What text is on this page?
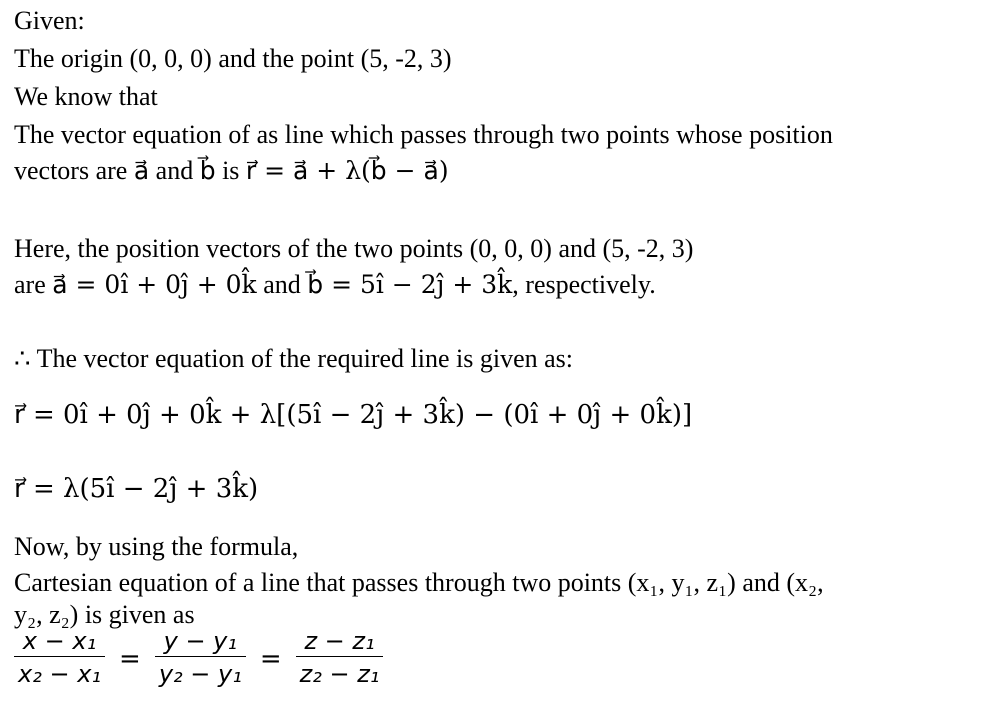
Given:
The origin (0, 0, 0) and the point (5, -2, 3)
We know that
The vector equation of as line which passes through two points whose position
vectors are a⃗ and b⃗ is r⃗ = a⃗ + λ(b⃗ − a⃗)
Here, the position vectors of the two points (0, 0, 0) and (5, -2, 3)
are a⃗ = 0î + 0ĵ + 0k̂ and b⃗ = 5î − 2ĵ + 3k̂, respectively.
∴ The vector equation of the required line is given as:
r⃗ = 0î + 0ĵ + 0k̂ + λ[(5î − 2ĵ + 3k̂) − (0î + 0ĵ + 0k̂)]
r⃗ = λ(5î − 2ĵ + 3k̂)
Now, by using the formula,
Cartesian equation of a line that passes through two points (x₁, y₁, z₁) and (x₂,
y₂, z₂) is given as
$\frac{\text{x − x₁}}{\text{x₂ − x₁}} = \frac{\text{y − y₁}}{\text{y₂ − y₁}} = \frac{\text{z − z₁}}{\text{z₂ − z₁}}$
